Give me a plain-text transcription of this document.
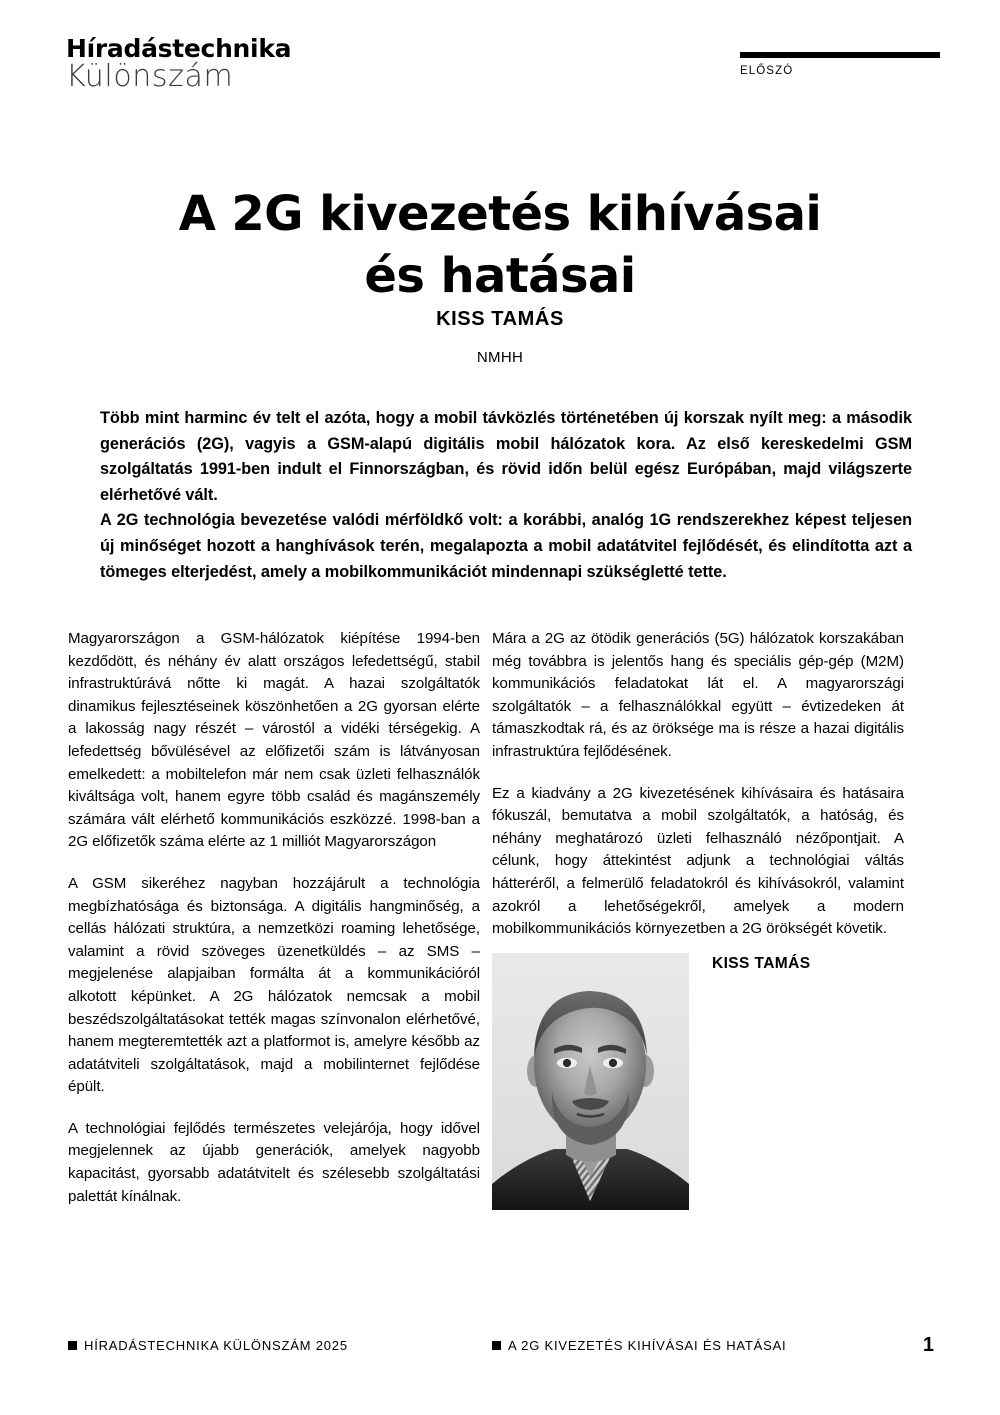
Híradástechnika
Különszám	ELŐSZÓ
A 2G kivezetés kihívásai
és hatásai
KISS TAMÁS
NMHH

Több mint harminc év telt el azóta, hogy a mobil távközlés történetében új korszak nyílt meg: a második generációs (2G), vagyis a GSM-alapú digitális mobil hálózatok kora. Az első kereskedelmi GSM szolgáltatás 1991-ben indult el Finnországban, és rövid időn belül egész Európában, majd világszerte elérhetővé vált.

A 2G technológia bevezetése valódi mérföldkő volt: a korábbi, analóg 1G rendszerekhez képest teljesen új minőséget hozott a hanghívások terén, megalapozta a mobil adatátvitel fejlődését, és elindította azt a tömeges elterjedést, amely a mobilkommunikációt mindennapi szükségletté tette.

Magyarországon a GSM-hálózatok kiépítése 1994-ben kezdődött, és néhány év alatt országos lefedettségű, stabil infrastruktúrává nőtte ki magát. A hazai szolgáltatók dinamikus fejlesztéseinek köszönhetően a 2G gyorsan elérte a lakosság nagy részét – várostól a vidéki térségekig. A lefedettség bővülésével az előfizetői szám is látványosan emelkedett: a mobiltelefon már nem csak üzleti felhasználók kiváltsága volt, hanem egyre több család és magánszemély számára vált elérhető kommunikációs eszközzé. 1998-ban a 2G előfizetők száma elérte az 1 milliót Magyarországon

A GSM sikeréhez nagyban hozzájárult a technológia megbízhatósága és biztonsága. A digitális hangminőség, a cellás hálózati struktúra, a nemzetközi roaming lehetősége, valamint a rövid szöveges üzenetküldés – az SMS – megjelenése alapjaiban formálta át a kommunikációról alkotott képünket. A 2G hálózatok nemcsak a mobil beszédszolgáltatásokat tették magas színvonalon elérhetővé, hanem megteremtették azt a platformot is, amelyre később az adatátviteli szolgáltatások, majd a mobilinternet fejlődése épült.

A technológiai fejlődés természetes velejárója, hogy idővel megjelennek az újabb generációk, amelyek nagyobb kapacitást, gyorsabb adatátvitelt és szélesebb szolgáltatási palettát kínálnak.

Mára a 2G az ötödik generációs (5G) hálózatok korszakában még továbbra is jelentős hang és speciális gép-gép (M2M) kommunikációs feladatokat lát el. A magyarországi szolgáltatók – a felhasználókkal együtt – évtizedeken át támaszkodtak rá, és az öröksége ma is része a hazai digitális infrastruktúra fejlődésének.

Ez a kiadvány a 2G kivezetésének kihívásaira és hatásaira fókuszál, bemutatva a mobil szolgáltatók, a hatóság, és néhány meghatározó üzleti felhasználó nézőpontjait. A célunk, hogy áttekintést adjunk a technológiai váltás hátteréről, a felmerülő feladatokról és kihívásokról, valamint azokról a lehetőségekről, amelyek a modern mobilkommunikációs környezetben a 2G örökségét követik.

KISS TAMÁS
HÍRADÁSTECHNIKA KÜLÖNSZÁM 2025	A 2G KIVEZETÉS KIHÍVÁSAI ÉS HATÁSAI	1
